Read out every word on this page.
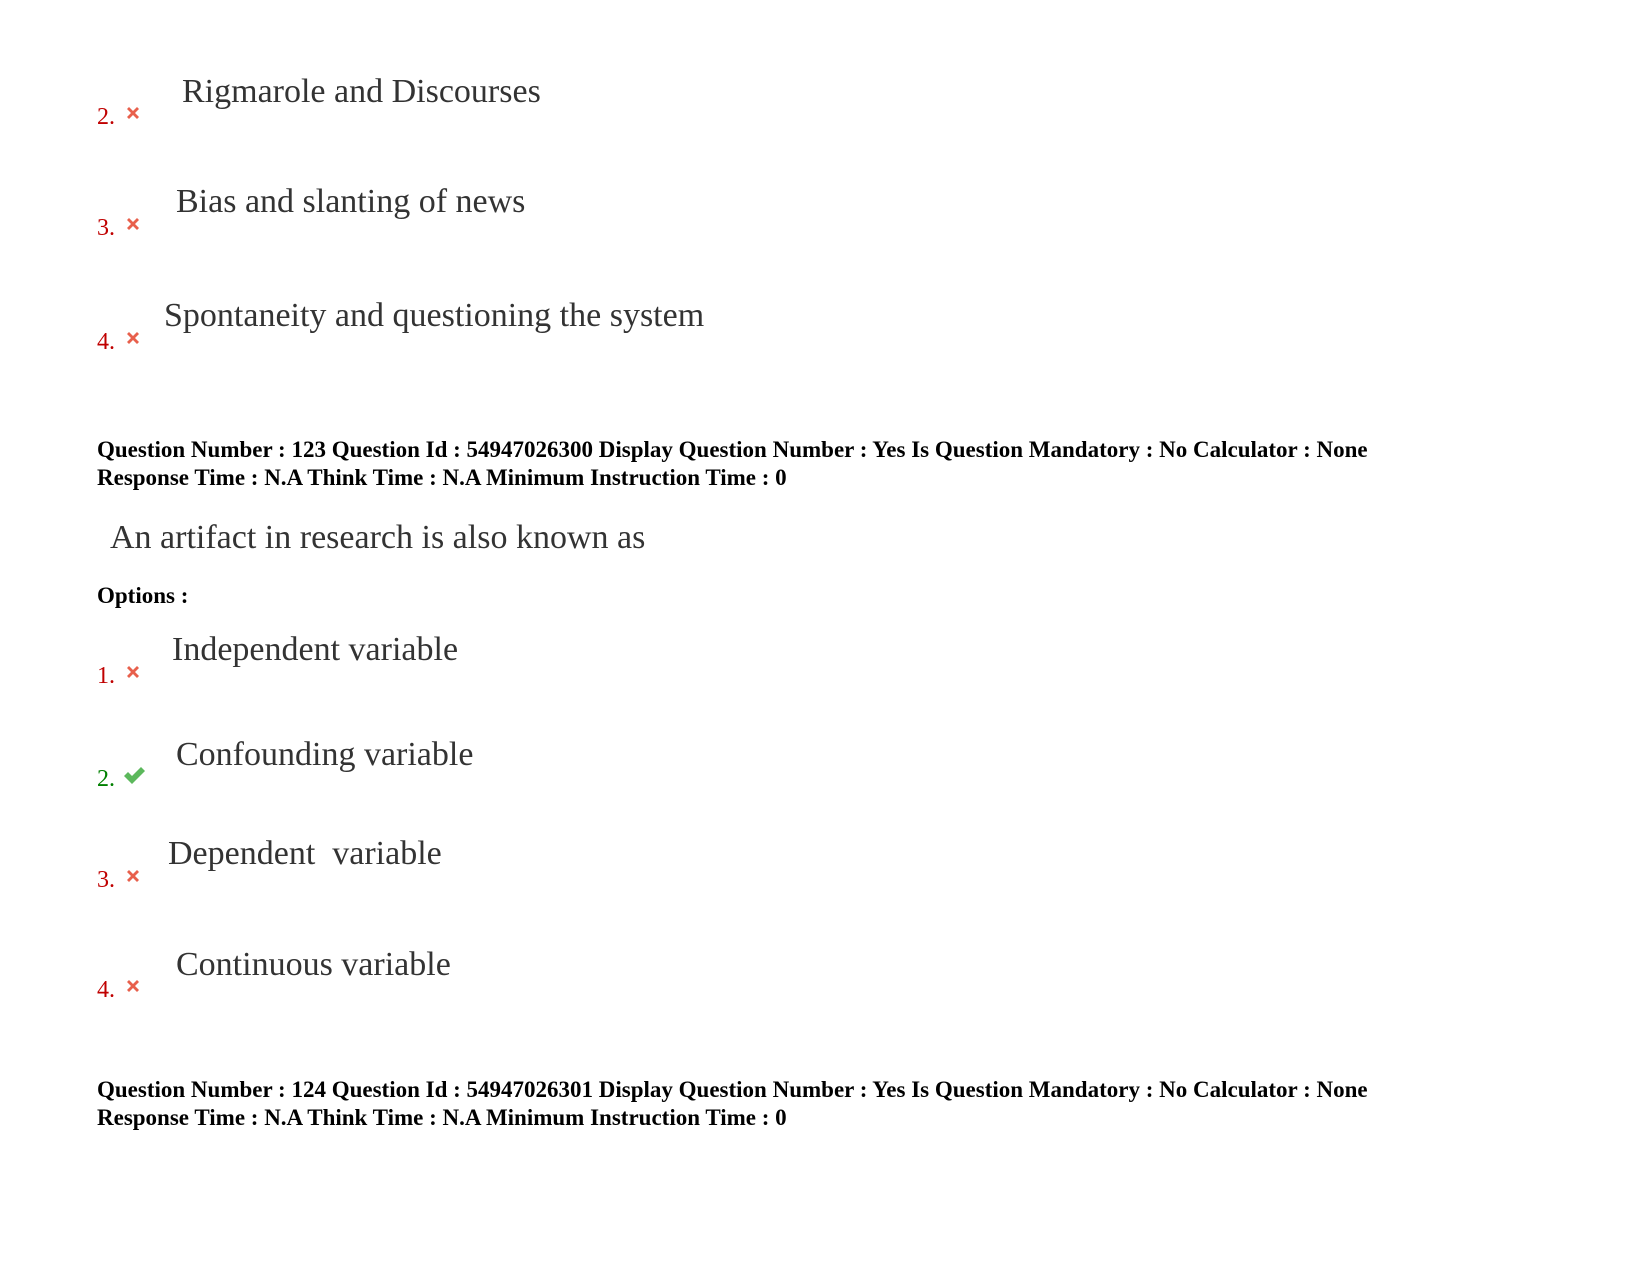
2.
Rigmarole and Discourses
3.
Bias and slanting of news
4.
Spontaneity and questioning the system
Question Number : 123 Question Id : 54947026300 Display Question Number : Yes Is Question Mandatory : No Calculator : None
Response Time : N.A Think Time : N.A Minimum Instruction Time : 0
An artifact in research is also known as
Options :
1.
Independent variable
2.
Confounding variable
3.
Dependent  variable
4.
Continuous variable
Question Number : 124 Question Id : 54947026301 Display Question Number : Yes Is Question Mandatory : No Calculator : None
Response Time : N.A Think Time : N.A Minimum Instruction Time : 0
